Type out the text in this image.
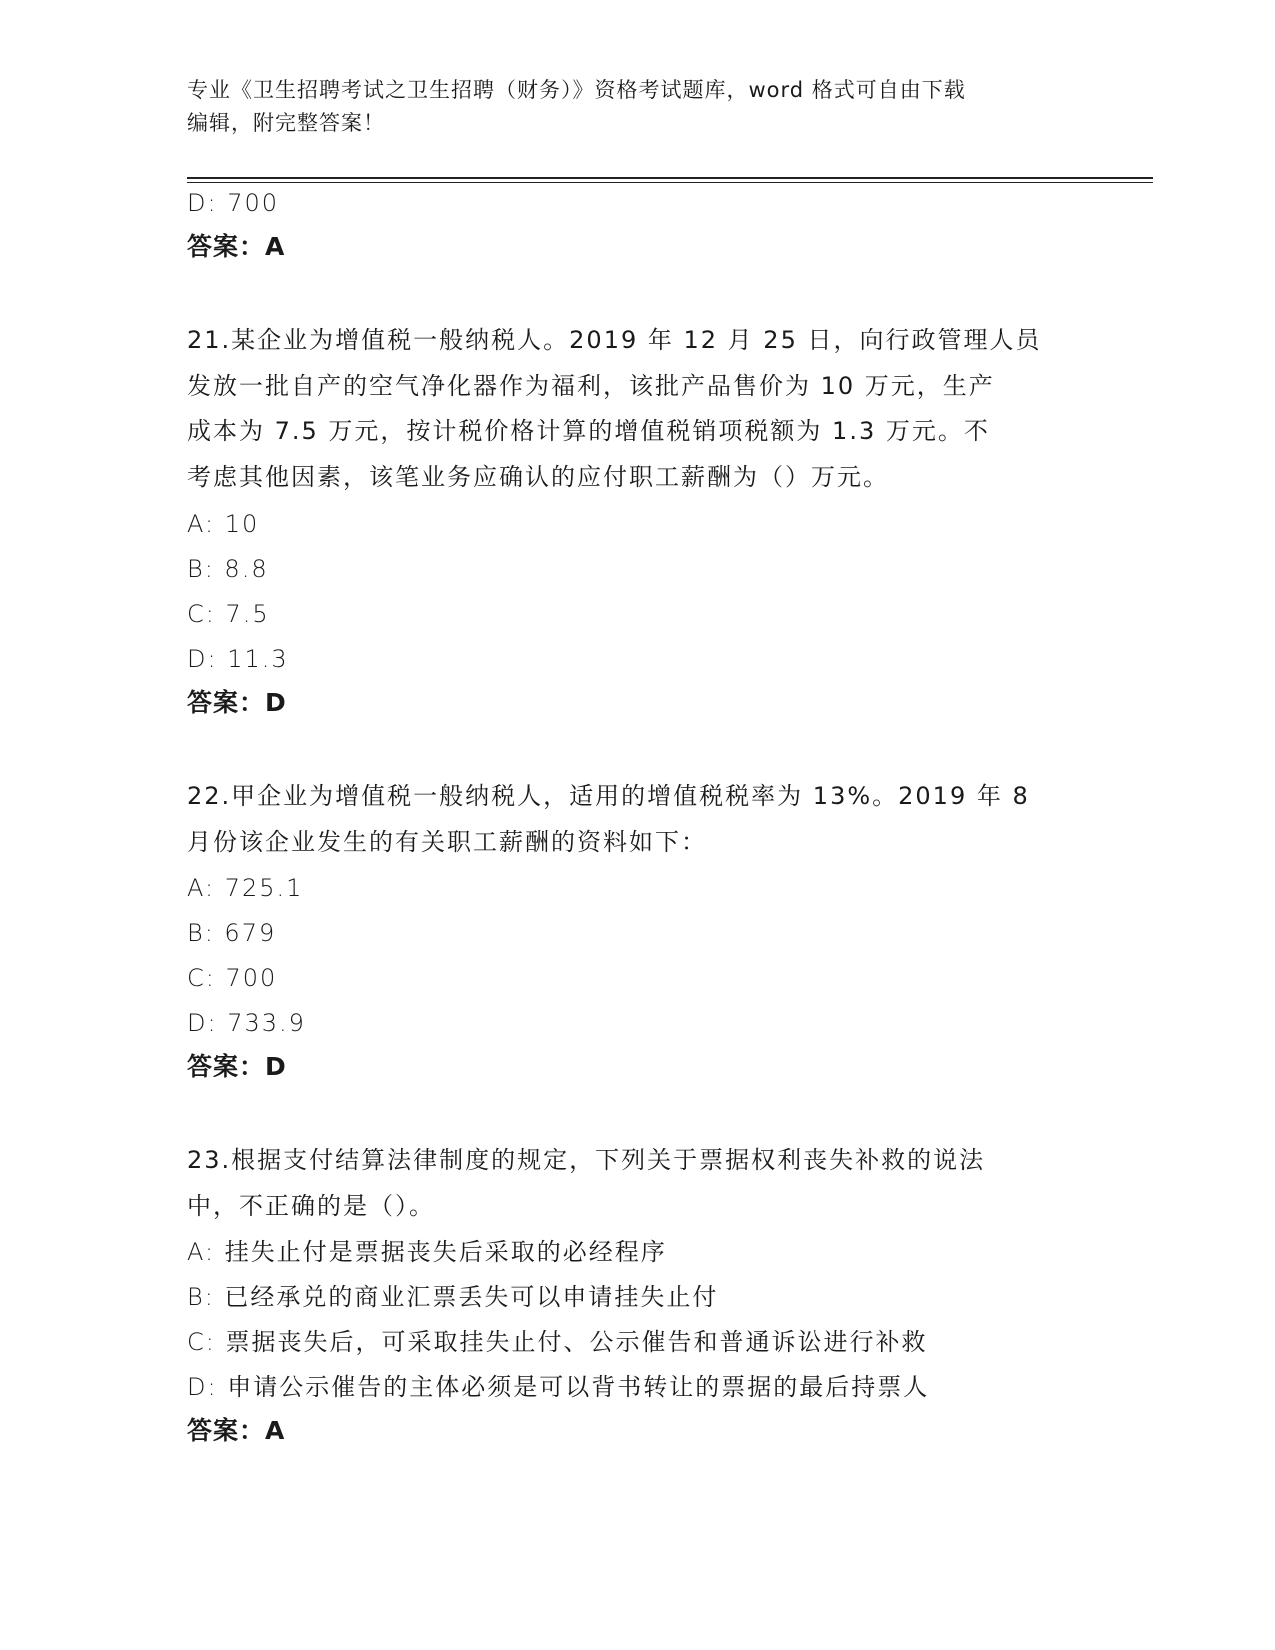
专业《卫生招聘考试之卫生招聘（财务）》资格考试题库，word 格式可自由下载
编辑，附完整答案！
D: 700
答案：A
21.某企业为增值税一般纳税人。2019 年 12 月 25 日，向行政管理人员
发放一批自产的空气净化器作为福利，该批产品售价为 10 万元，生产
成本为 7.5 万元，按计税价格计算的增值税销项税额为 1.3 万元。不
考虑其他因素，该笔业务应确认的应付职工薪酬为（）万元。
A: 10
B: 8.8
C: 7.5
D: 11.3
答案：D
22.甲企业为增值税一般纳税人，适用的增值税税率为 13%。2019 年 8
月份该企业发生的有关职工薪酬的资料如下：
A: 725.1
B: 679
C: 700
D: 733.9
答案：D
23.根据支付结算法律制度的规定，下列关于票据权利丧失补救的说法
中，不正确的是（）。
A: 挂失止付是票据丧失后采取的必经程序
B: 已经承兑的商业汇票丢失可以申请挂失止付
C: 票据丧失后，可采取挂失止付、公示催告和普通诉讼进行补救
D: 申请公示催告的主体必须是可以背书转让的票据的最后持票人
答案：A
